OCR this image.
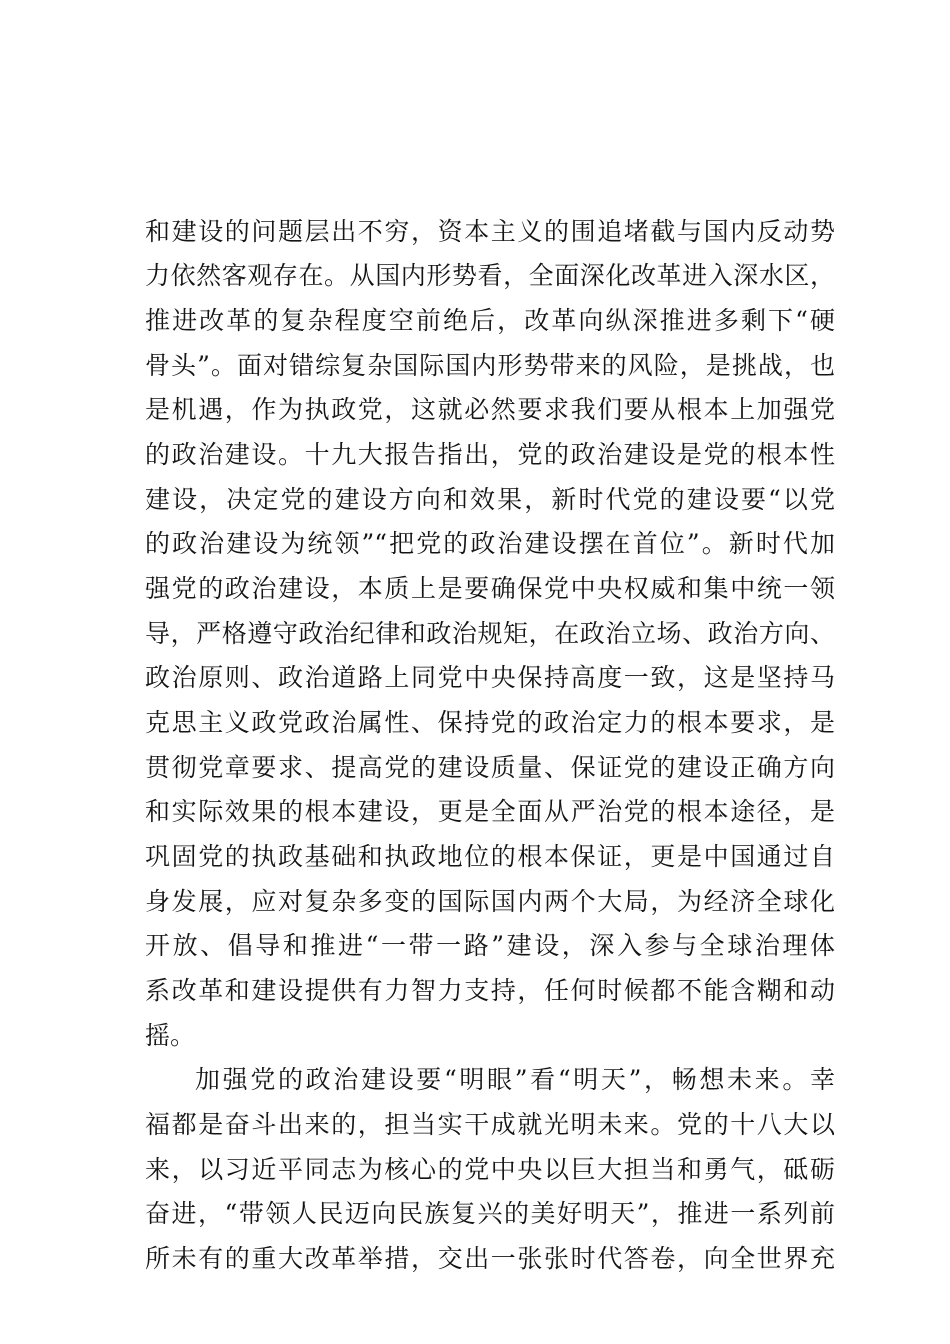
和建设的问题层出不穷，资本主义的围追堵截与国内反动势
力依然客观存在。从国内形势看，全面深化改革进入深水区，
推进改革的复杂程度空前绝后，改革向纵深推进多剩下“硬
骨头”。面对错综复杂国际国内形势带来的风险，是挑战，也
是机遇，作为执政党，这就必然要求我们要从根本上加强党
的政治建设。十九大报告指出，党的政治建设是党的根本性
建设，决定党的建设方向和效果，新时代党的建设要“以党
的政治建设为统领”“把党的政治建设摆在首位”。新时代加
强党的政治建设，本质上是要确保党中央权威和集中统一领
导，严格遵守政治纪律和政治规矩，在政治立场、政治方向、
政治原则、政治道路上同党中央保持高度一致，这是坚持马
克思主义政党政治属性、保持党的政治定力的根本要求，是
贯彻党章要求、提高党的建设质量、保证党的建设正确方向
和实际效果的根本建设，更是全面从严治党的根本途径，是
巩固党的执政基础和执政地位的根本保证，更是中国通过自
身发展，应对复杂多变的国际国内两个大局，为经济全球化
开放、倡导和推进“一带一路”建设，深入参与全球治理体
系改革和建设提供有力智力支持，任何时候都不能含糊和动
摇。
加强党的政治建设要“明眼”看“明天”，畅想未来。幸
福都是奋斗出来的，担当实干成就光明未来。党的十八大以
来，以习近平同志为核心的党中央以巨大担当和勇气，砥砺
奋进，“带领人民迈向民族复兴的美好明天”，推进一系列前
所未有的重大改革举措，交出一张张时代答卷，向全世界充
